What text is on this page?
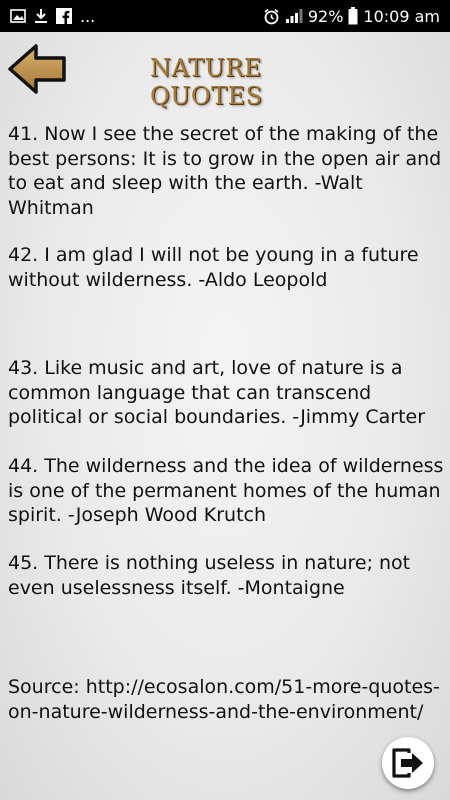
...	92% 10:09 am
NATURE QUOTES

41. Now I see the secret of the making of the best persons: It is to grow in the open air and to eat and sleep with the earth. -Walt Whitman

42. I am glad I will not be young in a future without wilderness. -Aldo Leopold

43. Like music and art, love of nature is a common language that can transcend political or social boundaries. -Jimmy Carter

44. The wilderness and the idea of wilderness is one of the permanent homes of the human spirit. -Joseph Wood Krutch

45. There is nothing useless in nature; not even uselessness itself. -Montaigne

Source: http://ecosalon.com/51-more-quotes-on-nature-wilderness-and-the-environment/
